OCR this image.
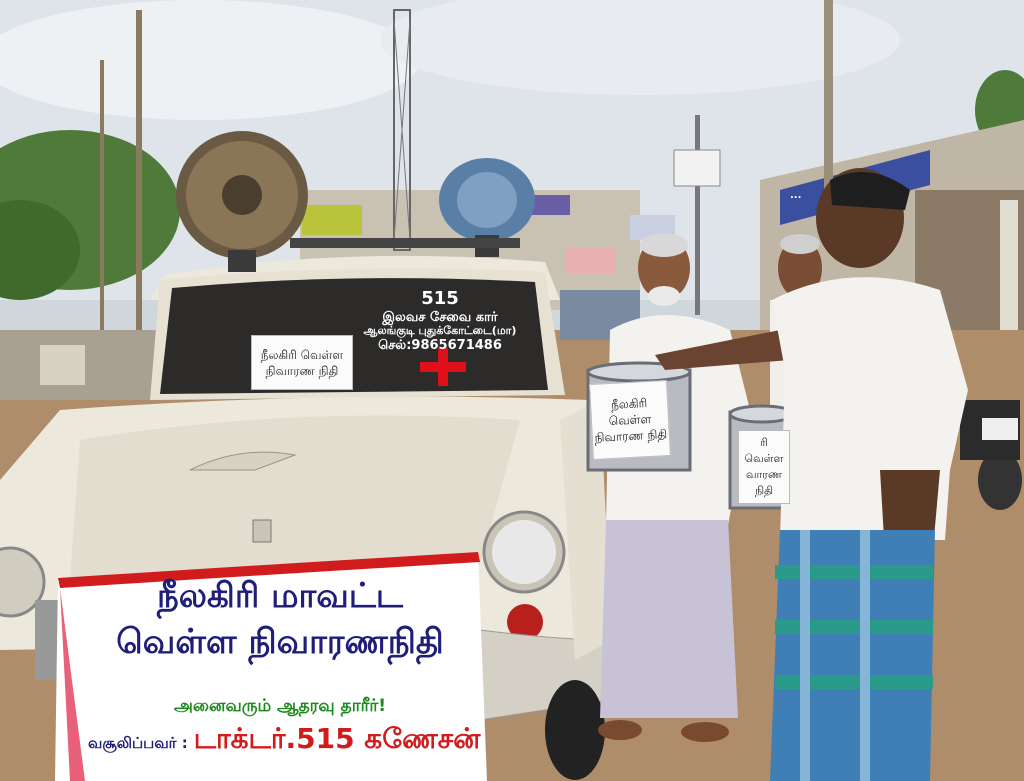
515
இலவச சேவை கார்
ஆலங்குடி புதுக்கோட்டை(மா)
செல்:9865671486
நீலகிரி வெள்ள
நிவாரண நிதி
நீலகிரி வெள்ள
நிவாரண நிதி	ரி வெள்ள
வாரண நிதி
நீலகிரி மாவட்ட
வெள்ள நிவாரணநிதி
அனைவரும் ஆதரவு தாரீர்!
வசூலிப்பவர் : டாக்டர்.515 கணேசன்
...
